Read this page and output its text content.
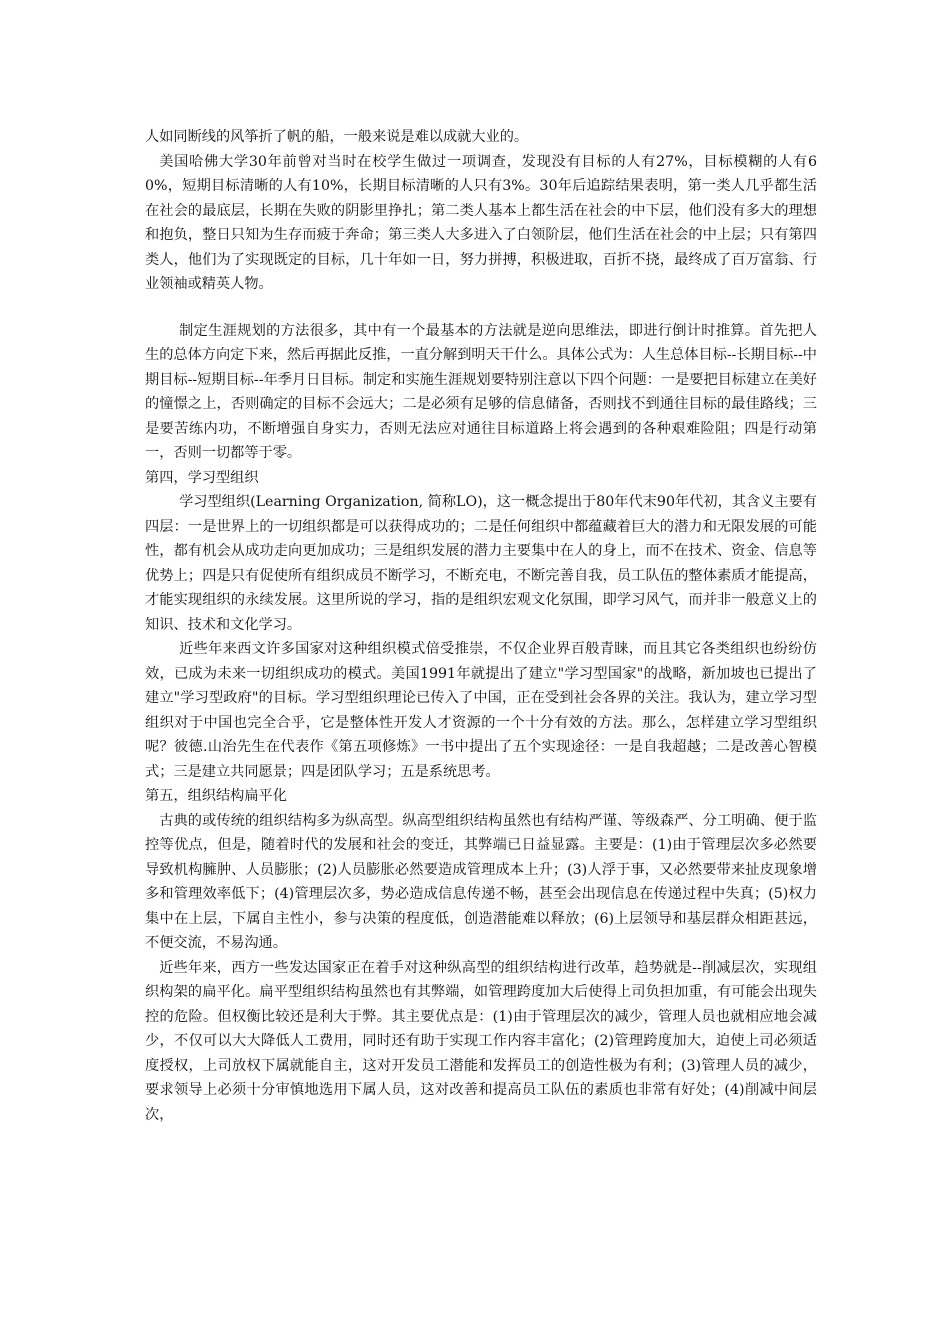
人如同断线的风筝折了帆的船，一般来说是难以成就大业的。

美国哈佛大学30年前曾对当时在校学生做过一项调查，发现没有目标的人有27%，目标模糊的人有60%，短期目标清晰的人有10%，长期目标清晰的人只有3%。30年后追踪结果表明，第一类人几乎都生活在社会的最底层，长期在失败的阴影里挣扎；第二类人基本上都生活在社会的中下层，他们没有多大的理想和抱负，整日只知为生存而疲于奔命；第三类人大多进入了白领阶层，他们生活在社会的中上层；只有第四类人，他们为了实现既定的目标，几十年如一日，努力拼搏，积极进取，百折不挠，最终成了百万富翁、行业领袖或精英人物。

制定生涯规划的方法很多，其中有一个最基本的方法就是逆向思维法，即进行倒计时推算。首先把人生的总体方向定下来，然后再据此反推，一直分解到明天干什么。具体公式为：人生总体目标--长期目标--中期目标--短期目标--年季月日目标。制定和实施生涯规划要特别注意以下四个问题：一是要把目标建立在美好的憧憬之上，否则确定的目标不会远大；二是必须有足够的信息储备，否则找不到通往目标的最佳路线；三是要苦练内功，不断增强自身实力，否则无法应对通往目标道路上将会遇到的各种艰难险阻；四是行动第一，否则一切都等于零。

第四，学习型组织

学习型组织(Learning Organization, 简称LO)，这一概念提出于80年代末90年代初，其含义主要有四层：一是世界上的一切组织都是可以获得成功的；二是任何组织中都蕴藏着巨大的潜力和无限发展的可能性，都有机会从成功走向更加成功；三是组织发展的潜力主要集中在人的身上，而不在技术、资金、信息等优势上；四是只有促使所有组织成员不断学习，不断充电，不断完善自我，员工队伍的整体素质才能提高，才能实现组织的永续发展。这里所说的学习，指的是组织宏观文化氛围，即学习风气，而并非一般意义上的知识、技术和文化学习。

近些年来西文许多国家对这种组织模式倍受推崇，不仅企业界百般青睐，而且其它各类组织也纷纷仿效，已成为未来一切组织成功的模式。美国1991年就提出了建立"学习型国家"的战略，新加坡也已提出了建立"学习型政府"的目标。学习型组织理论已传入了中国，正在受到社会各界的关注。我认为，建立学习型组织对于中国也完全合乎，它是整体性开发人才资源的一个十分有效的方法。那么，怎样建立学习型组织呢？彼德.山治先生在代表作《第五项修炼》一书中提出了五个实现途径：一是自我超越；二是改善心智模式；三是建立共同愿景；四是团队学习；五是系统思考。

第五，组织结构扁平化

古典的或传统的组织结构多为纵高型。纵高型组织结构虽然也有结构严谨、等级森严、分工明确、便于监控等优点，但是，随着时代的发展和社会的变迁，其弊端已日益显露。主要是：(1)由于管理层次多必然要导致机构臃肿、人员膨胀；(2)人员膨胀必然要造成管理成本上升；(3)人浮于事，又必然要带来扯皮现象增多和管理效率低下；(4)管理层次多，势必造成信息传递不畅，甚至会出现信息在传递过程中失真；(5)权力集中在上层，下属自主性小，参与决策的程度低，创造潜能难以释放；(6)上层领导和基层群众相距甚远，不便交流，不易沟通。

近些年来，西方一些发达国家正在着手对这种纵高型的组织结构进行改革，趋势就是--削减层次，实现组织构架的扁平化。扁平型组织结构虽然也有其弊端，如管理跨度加大后使得上司负担加重，有可能会出现失控的危险。但权衡比较还是利大于弊。其主要优点是：(1)由于管理层次的减少，管理人员也就相应地会减少，不仅可以大大降低人工费用，同时还有助于实现工作内容丰富化；(2)管理跨度加大，迫使上司必须适度授权，上司放权下属就能自主，这对开发员工潜能和发挥员工的创造性极为有利；(3)管理人员的减少，要求领导上必须十分审慎地选用下属人员，这对改善和提高员工队伍的素质也非常有好处；(4)削减中间层次，
